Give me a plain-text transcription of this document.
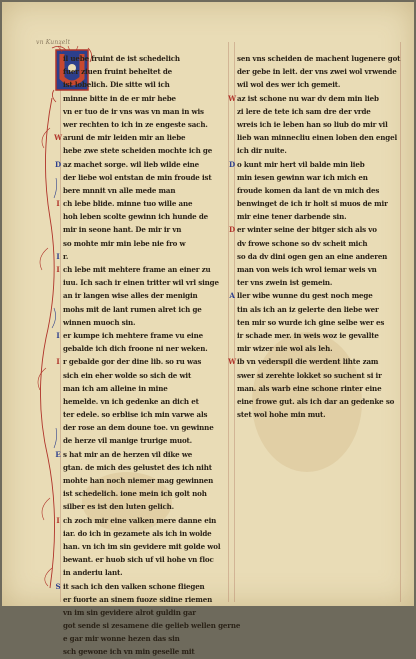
vn Kunzelt
il uebe fruint de ist schedelich
fuer ziuen fruint beheltet de
ist lobelich. Die sitte wil ich
minne bitte in de er mir hebe
vn er tuo de ir vns was vn man in wis
wer rechten to ich in ze engeste sach.
Waruni de mir leiden mir an liebe
hebe zwe stete scheiden mochte ich ge
D az machet sorge. wil lieb wilde eine
der liebe wol entstan de min froude ist
bere mnnit vn alle mede man
I ch lebe blide. minne tuo wille ane
hoh leben scolte gewinn ich hunde de
mir in seone hant. De mir ir vn
so mohte mir min lebe nie fro w
I r.
I ch lebe mit mehtere frame an einer zu
iuu. Ich sach ir einen tritter wil vrl singe
an ir langen wise alles der menigin
mohs mit de lant rumen alret ich ge
winnen muoch sin.
I er kumpe ich mehtere frame vu eine
gebalde ich dich froone ni ner weken.
I r gebalde gor der dine lib. so ru was
sich ein eher wolde so sich de wit
man ich am alleine in mine
hemelde. vn ich gedenke an dich et
ter edele. so erblise ich min varwe als
der rose an dem doune toe. vn gewinne
de herze vil manige trurige muot.
E s hat mir an de herzen vil dike we
gtan. de mich des gelustet des ich niht
mohte han noch niemer mag gewinnen
ist schedelich. ione mein ich golt noh
silber es ist den luten gelich.
I ch zoch mir eine valken mere danne ein
iar. do ich in gezamete als ich in wolde
han. vn ich im sin gevidere mit golde wol
bewant. er huob sich uf vil hohe vn floc
in anderiu lant.
S it sach ich den valken schone fliegen
er fuorte an sinem fuoze sidine riemen
vn im sin gevidere alrot guldin gar
got sende si zesamene die gelieb wellen gerne
e gar mir wonne hezen das sin
sch gewone ich vn min geselle mit
sen vns scheiden de machent lugenere got
der gebe in leit. der vns zwei wol vrwende
wil wol des wer ich gemeit.
Waz ist schone nu war dv dem min lieb
zi lere de tete ich sam dre der vrde
wreis ich ie leben han so liub do mir vil
lieb wan minnecliu einen loben den engel
ich dir nuite.
D o kunt mir hert vil balde min lieb
min iesen gewinn war ich mich en
froude komen da lant de vn mich des
benwinget de ich ir holt si muos de mir
mir eine tener darbende sin.
D er winter seine der bitger sich als vo
dv frowe schone so dv scheit mich
so da dv dini ogen gen an eine anderen
man von weis ich wrol iemar weis vn
ter vns zwein ist gemein.
A ller wibe wunne du gest noch mege
tin als ich an iz gelerte den liebe wer
ten mir so wurde ich gine selbe wer es
ir schade mer. in weis woz ie gevallte
mir wizer nie wol als leh.
Wib vn vederspil die werdent lihte zam
swer si zerehte lokket so suchent si ir
man. als warb eine schone rinter eine
eine frowe gut. als ich dar an gedenke so
stet wol hohe min mut.
